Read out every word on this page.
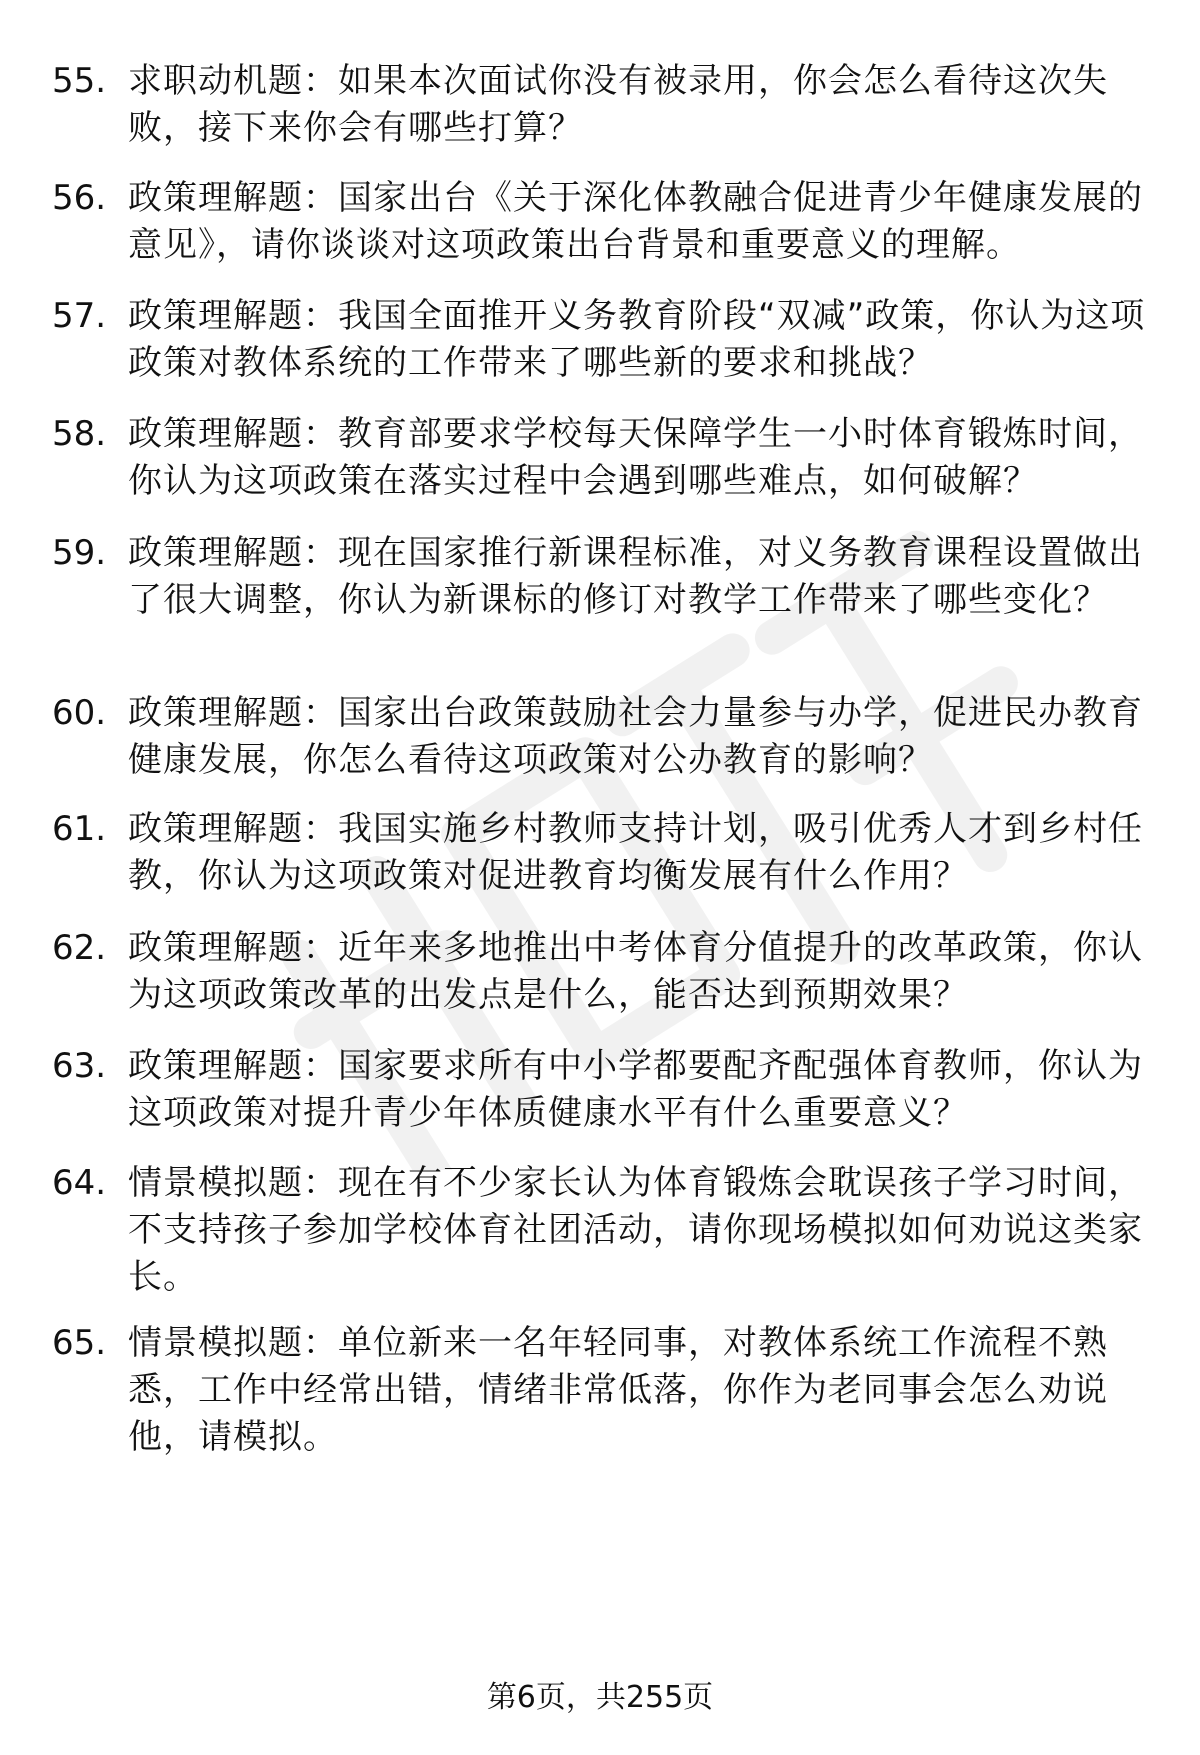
55. 求职动机题：如果本次面试你没有被录用，你会怎么看待这次失败，接下来你会有哪些打算？
56. 政策理解题：国家出台《关于深化体教融合促进青少年健康发展的意见》，请你谈谈对这项政策出台背景和重要意义的理解。
57. 政策理解题：我国全面推开义务教育阶段“双减”政策，你认为这项政策对教体系统的工作带来了哪些新的要求和挑战？
58. 政策理解题：教育部要求学校每天保障学生一小时体育锻炼时间，你认为这项政策在落实过程中会遇到哪些难点，如何破解？
59. 政策理解题：现在国家推行新课程标准，对义务教育课程设置做出了很大调整，你认为新课标的修订对教学工作带来了哪些变化？
60. 政策理解题：国家出台政策鼓励社会力量参与办学，促进民办教育健康发展，你怎么看待这项政策对公办教育的影响？
61. 政策理解题：我国实施乡村教师支持计划，吸引优秀人才到乡村任教，你认为这项政策对促进教育均衡发展有什么作用？
62. 政策理解题：近年来多地推出中考体育分值提升的改革政策，你认为这项政策改革的出发点是什么，能否达到预期效果？
63. 政策理解题：国家要求所有中小学都要配齐配强体育教师，你认为这项政策对提升青少年体质健康水平有什么重要意义？
64. 情景模拟题：现在有不少家长认为体育锻炼会耽误孩子学习时间，不支持孩子参加学校体育社团活动，请你现场模拟如何劝说这类家长。
65. 情景模拟题：单位新来一名年轻同事，对教体系统工作流程不熟悉，工作中经常出错，情绪非常低落，你作为老同事会怎么劝说他，请模拟。
第6页，共255页
